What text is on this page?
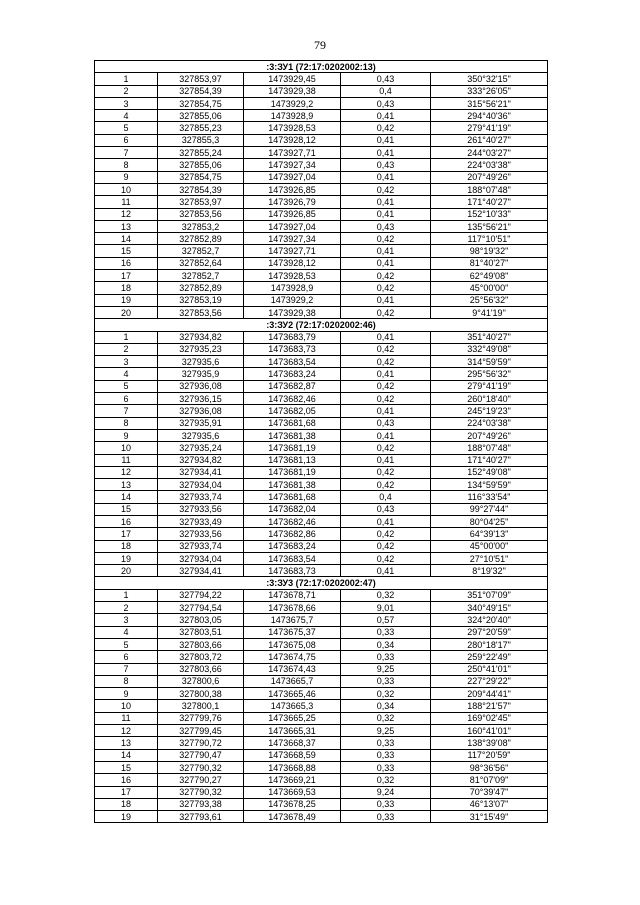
79
:3:ЗУ1 (72:17:0202002:13)				
1	327853,97	1473929,45	0,43	350°32'15"
2	327854,39	1473929,38	0,4	333°26'05"
3	327854,75	1473929,2	0,43	315°56'21"
4	327855,06	1473928,9	0,41	294°40'36"
5	327855,23	1473928,53	0,42	279°41'19"
6	327855,3	1473928,12	0,41	261°40'27"
7	327855,24	1473927,71	0,41	244°03'27"
8	327855,06	1473927,34	0,43	224°03'38"
9	327854,75	1473927,04	0,41	207°49'26"
10	327854,39	1473926,85	0,42	188°07'48"
11	327853,97	1473926,79	0,41	171°40'27"
12	327853,56	1473926,85	0,41	152°10'33"
13	327853,2	1473927,04	0,43	135°56'21"
14	327852,89	1473927,34	0,42	117°10'51"
15	327852,7	1473927,71	0,41	98°19'32"
16	327852,64	1473928,12	0,41	81°40'27"
17	327852,7	1473928,53	0,42	62°49'08"
18	327852,89	1473928,9	0,42	45°00'00"
19	327853,19	1473929,2	0,41	25°56'32"
20	327853,56	1473929,38	0,42	9°41'19"
:3:ЗУ2 (72:17:0202002:46)				
1	327934,82	1473683,79	0,41	351°40'27"
2	327935,23	1473683,73	0,42	332°49'08"
3	327935,6	1473683,54	0,42	314°59'59"
4	327935,9	1473683,24	0,41	295°56'32"
5	327936,08	1473682,87	0,42	279°41'19"
6	327936,15	1473682,46	0,42	260°18'40"
7	327936,08	1473682,05	0,41	245°19'23"
8	327935,91	1473681,68	0,43	224°03'38"
9	327935,6	1473681,38	0,41	207°49'26"
10	327935,24	1473681,19	0,42	188°07'48"
11	327934,82	1473681,13	0,41	171°40'27"
12	327934,41	1473681,19	0,42	152°49'08"
13	327934,04	1473681,38	0,42	134°59'59"
14	327933,74	1473681,68	0,4	116°33'54"
15	327933,56	1473682,04	0,43	99°27'44"
16	327933,49	1473682,46	0,41	80°04'25"
17	327933,56	1473682,86	0,42	64°39'13"
18	327933,74	1473683,24	0,42	45°00'00"
19	327934,04	1473683,54	0,42	27°10'51"
20	327934,41	1473683,73	0,41	8°19'32"
:3:ЗУ3 (72:17:0202002:47)				
1	327794,22	1473678,71	0,32	351°07'09"
2	327794,54	1473678,66	9,01	340°49'15"
3	327803,05	1473675,7	0,57	324°20'40"
4	327803,51	1473675,37	0,33	297°20'59"
5	327803,66	1473675,08	0,34	280°18'17"
6	327803,72	1473674,75	0,33	259°22'49"
7	327803,66	1473674,43	9,25	250°41'01"
8	327800,6	1473665,7	0,33	227°29'22"
9	327800,38	1473665,46	0,32	209°44'41"
10	327800,1	1473665,3	0,34	188°21'57"
11	327799,76	1473665,25	0,32	169°02'45"
12	327799,45	1473665,31	9,25	160°41'01"
13	327790,72	1473668,37	0,33	138°39'08"
14	327790,47	1473668,59	0,33	117°20'59"
15	327790,32	1473668,88	0,33	98°36'56"
16	327790,27	1473669,21	0,32	81°07'09"
17	327790,32	1473669,53	9,24	70°39'47"
18	327793,38	1473678,25	0,33	46°13'07"
19	327793,61	1473678,49	0,33	31°15'49"
